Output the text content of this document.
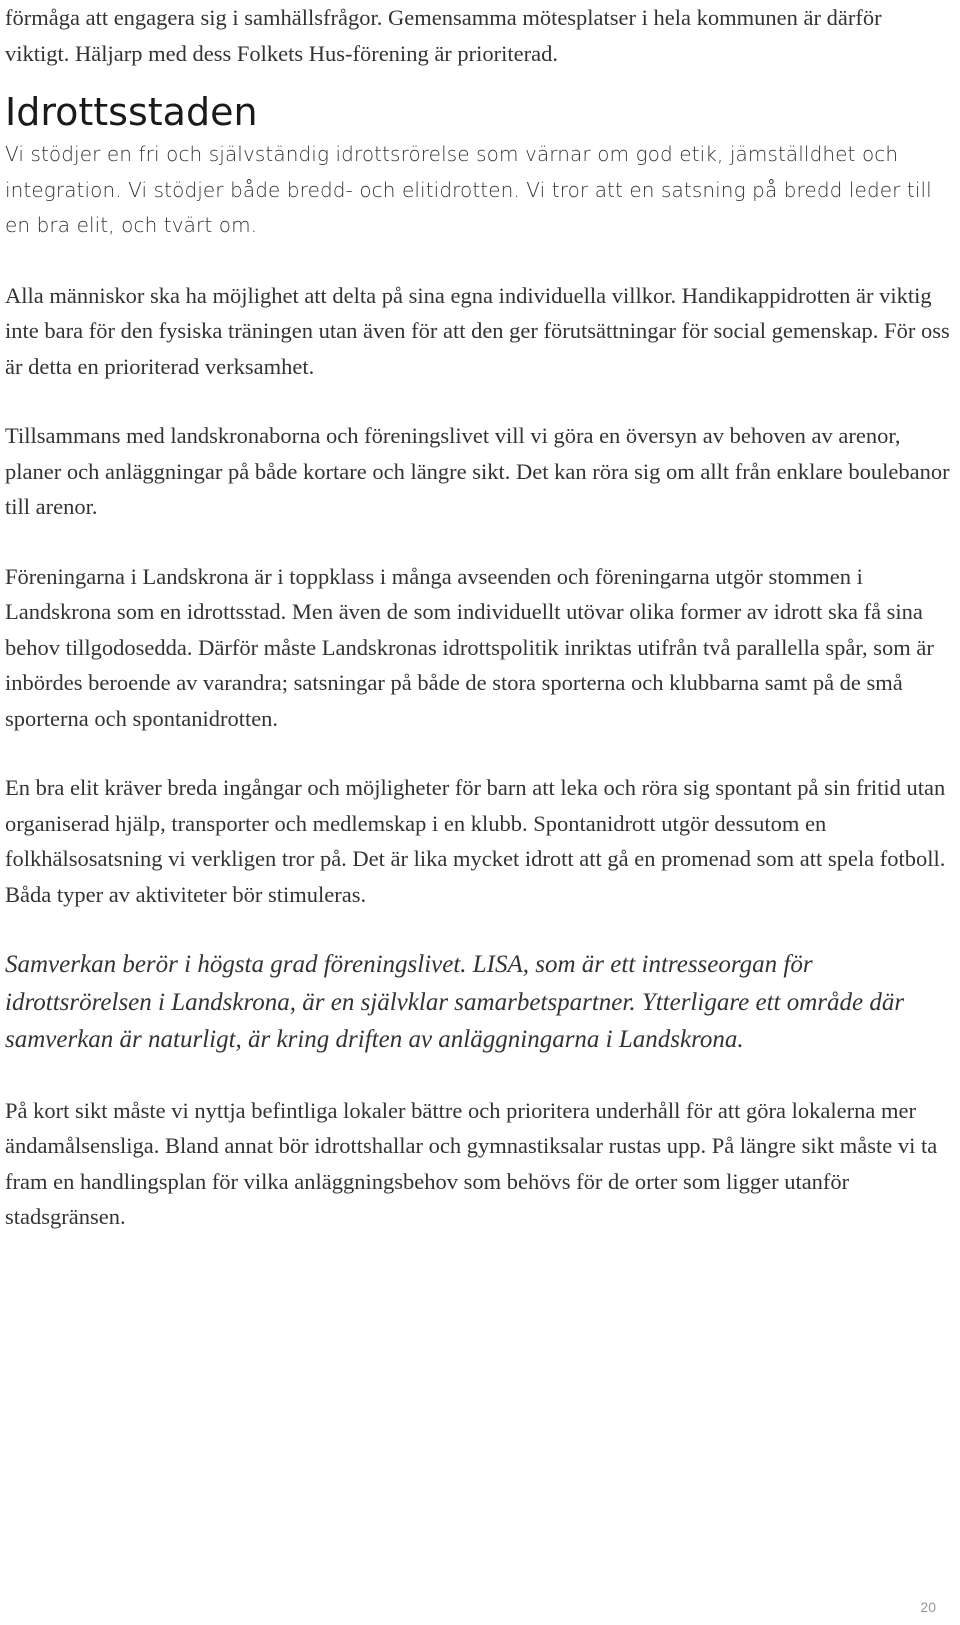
förmåga att engagera sig i samhällsfrågor. Gemensamma mötesplatser i hela kommunen är därför viktigt. Häljarp med dess Folkets Hus-förening är prioriterad.

Idrottsstaden

Vi stödjer en fri och självständig idrottsrörelse som värnar om god etik, jämställdhet och integration. Vi stödjer både bredd- och elitidrotten. Vi tror att en satsning på bredd leder till en bra elit, och tvärt om.

Alla människor ska ha möjlighet att delta på sina egna individuella villkor. Handikappidrotten är viktig inte bara för den fysiska träningen utan även för att den ger förutsättningar för social gemenskap. För oss är detta en prioriterad verksamhet.

Tillsammans med landskronaborna och föreningslivet vill vi göra en översyn av behoven av arenor, planer och anläggningar på både kortare och längre sikt. Det kan röra sig om allt från enklare boulebanor till arenor.

Föreningarna i Landskrona är i toppklass i många avseenden och föreningarna utgör stommen i Landskrona som en idrottsstad. Men även de som individuellt utövar olika former av idrott ska få sina behov tillgodosedda. Därför måste Landskronas idrottspolitik inriktas utifrån två parallella spår, som är inbördes beroende av varandra; satsningar på både de stora sporterna och klubbarna samt på de små sporterna och spontanidrotten.

En bra elit kräver breda ingångar och möjligheter för barn att leka och röra sig spontant på sin fritid utan organiserad hjälp, transporter och medlemskap i en klubb. Spontanidrott utgör dessutom en folkhälsosatsning vi verkligen tror på. Det är lika mycket idrott att gå en promenad som att spela fotboll. Båda typer av aktiviteter bör stimuleras.

Samverkan berör i högsta grad föreningslivet. LISA, som är ett intresseorgan för idrottsrörelsen i Landskrona, är en självklar samarbetspartner. Ytterligare ett område där samverkan är naturligt, är kring driften av anläggningarna i Landskrona.

På kort sikt måste vi nyttja befintliga lokaler bättre och prioritera underhåll för att göra lokalerna mer ändamålsensliga. Bland annat bör idrottshallar och gymnastiksalar rustas upp. På längre sikt måste vi ta fram en handlingsplan för vilka anläggningsbehov som behövs för de orter som ligger utanför stadsgränsen.

20
